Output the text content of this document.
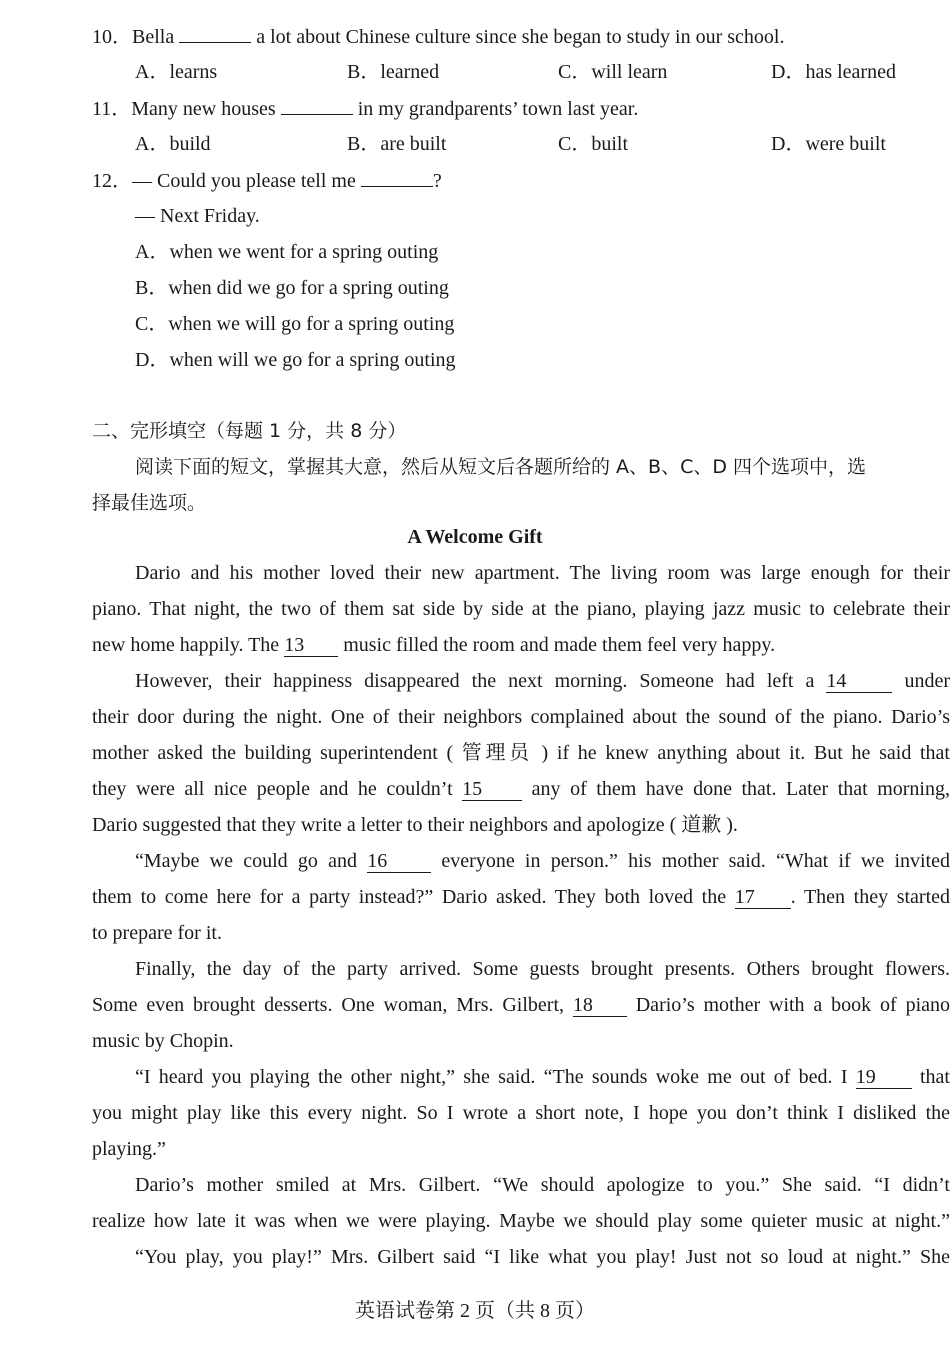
10．Bella	a lot about Chinese culture since she began to study in our school.
A．learns	B．learned	C．will learn	D．has learned
11．Many new houses	in my grandparents’ town last year.
A．build	B．are built	C．built	D．were built
12．— Could you please tell me	?
— Next Friday.
A．when we went for a spring outing
B．when did we go for a spring outing
C．when we will go for a spring outing
D．when will we go for a spring outing
二、完形填空（每题 1 分，共 8 分）
阅读下面的短文，掌握其大意，然后从短文后各题所给的 A、B、C、D 四个选项中，选
择最佳选项。
A Welcome Gift
Dario and his mother loved their new apartment. The living room was large enough for their
piano. That night, the two of them sat side by side at the piano, playing jazz music to celebrate their
new home happily. The 13 music filled the room and made them feel very happy.
However, their happiness disappeared the next morning. Someone had left a 14 under
their door during the night. One of their neighbors complained about the sound of the piano. Dario’s
mother asked the building superintendent ( 管理员 ) if he knew anything about it. But he said that
they were all nice people and he couldn’t 15 any of them have done that. Later that morning,
Dario suggested that they write a letter to their neighbors and apologize ( 道歉 ).
“Maybe we could go and 16 everyone in person.” his mother said. “What if we invited
them to come here for a party instead?” Dario asked. They both loved the 17 . Then they started
to prepare for it.
Finally, the day of the party arrived. Some guests brought presents. Others brought flowers.
Some even brought desserts. One woman, Mrs. Gilbert, 18 Dario’s mother with a book of piano
music by Chopin.
“I heard you playing the other night,” she said. “The sounds woke me out of bed. I 19 that
you might play like this every night. So I wrote a short note, I hope you don’t think I disliked the
playing.”
Dario’s mother smiled at Mrs. Gilbert. “We should apologize to you.” She said. “I didn’t
realize how late it was when we were playing. Maybe we should play some quieter music at night.”
“You play, you play!” Mrs. Gilbert said “I like what you play! Just not so loud at night.” She
英语试卷第 2 页（共 8 页）
